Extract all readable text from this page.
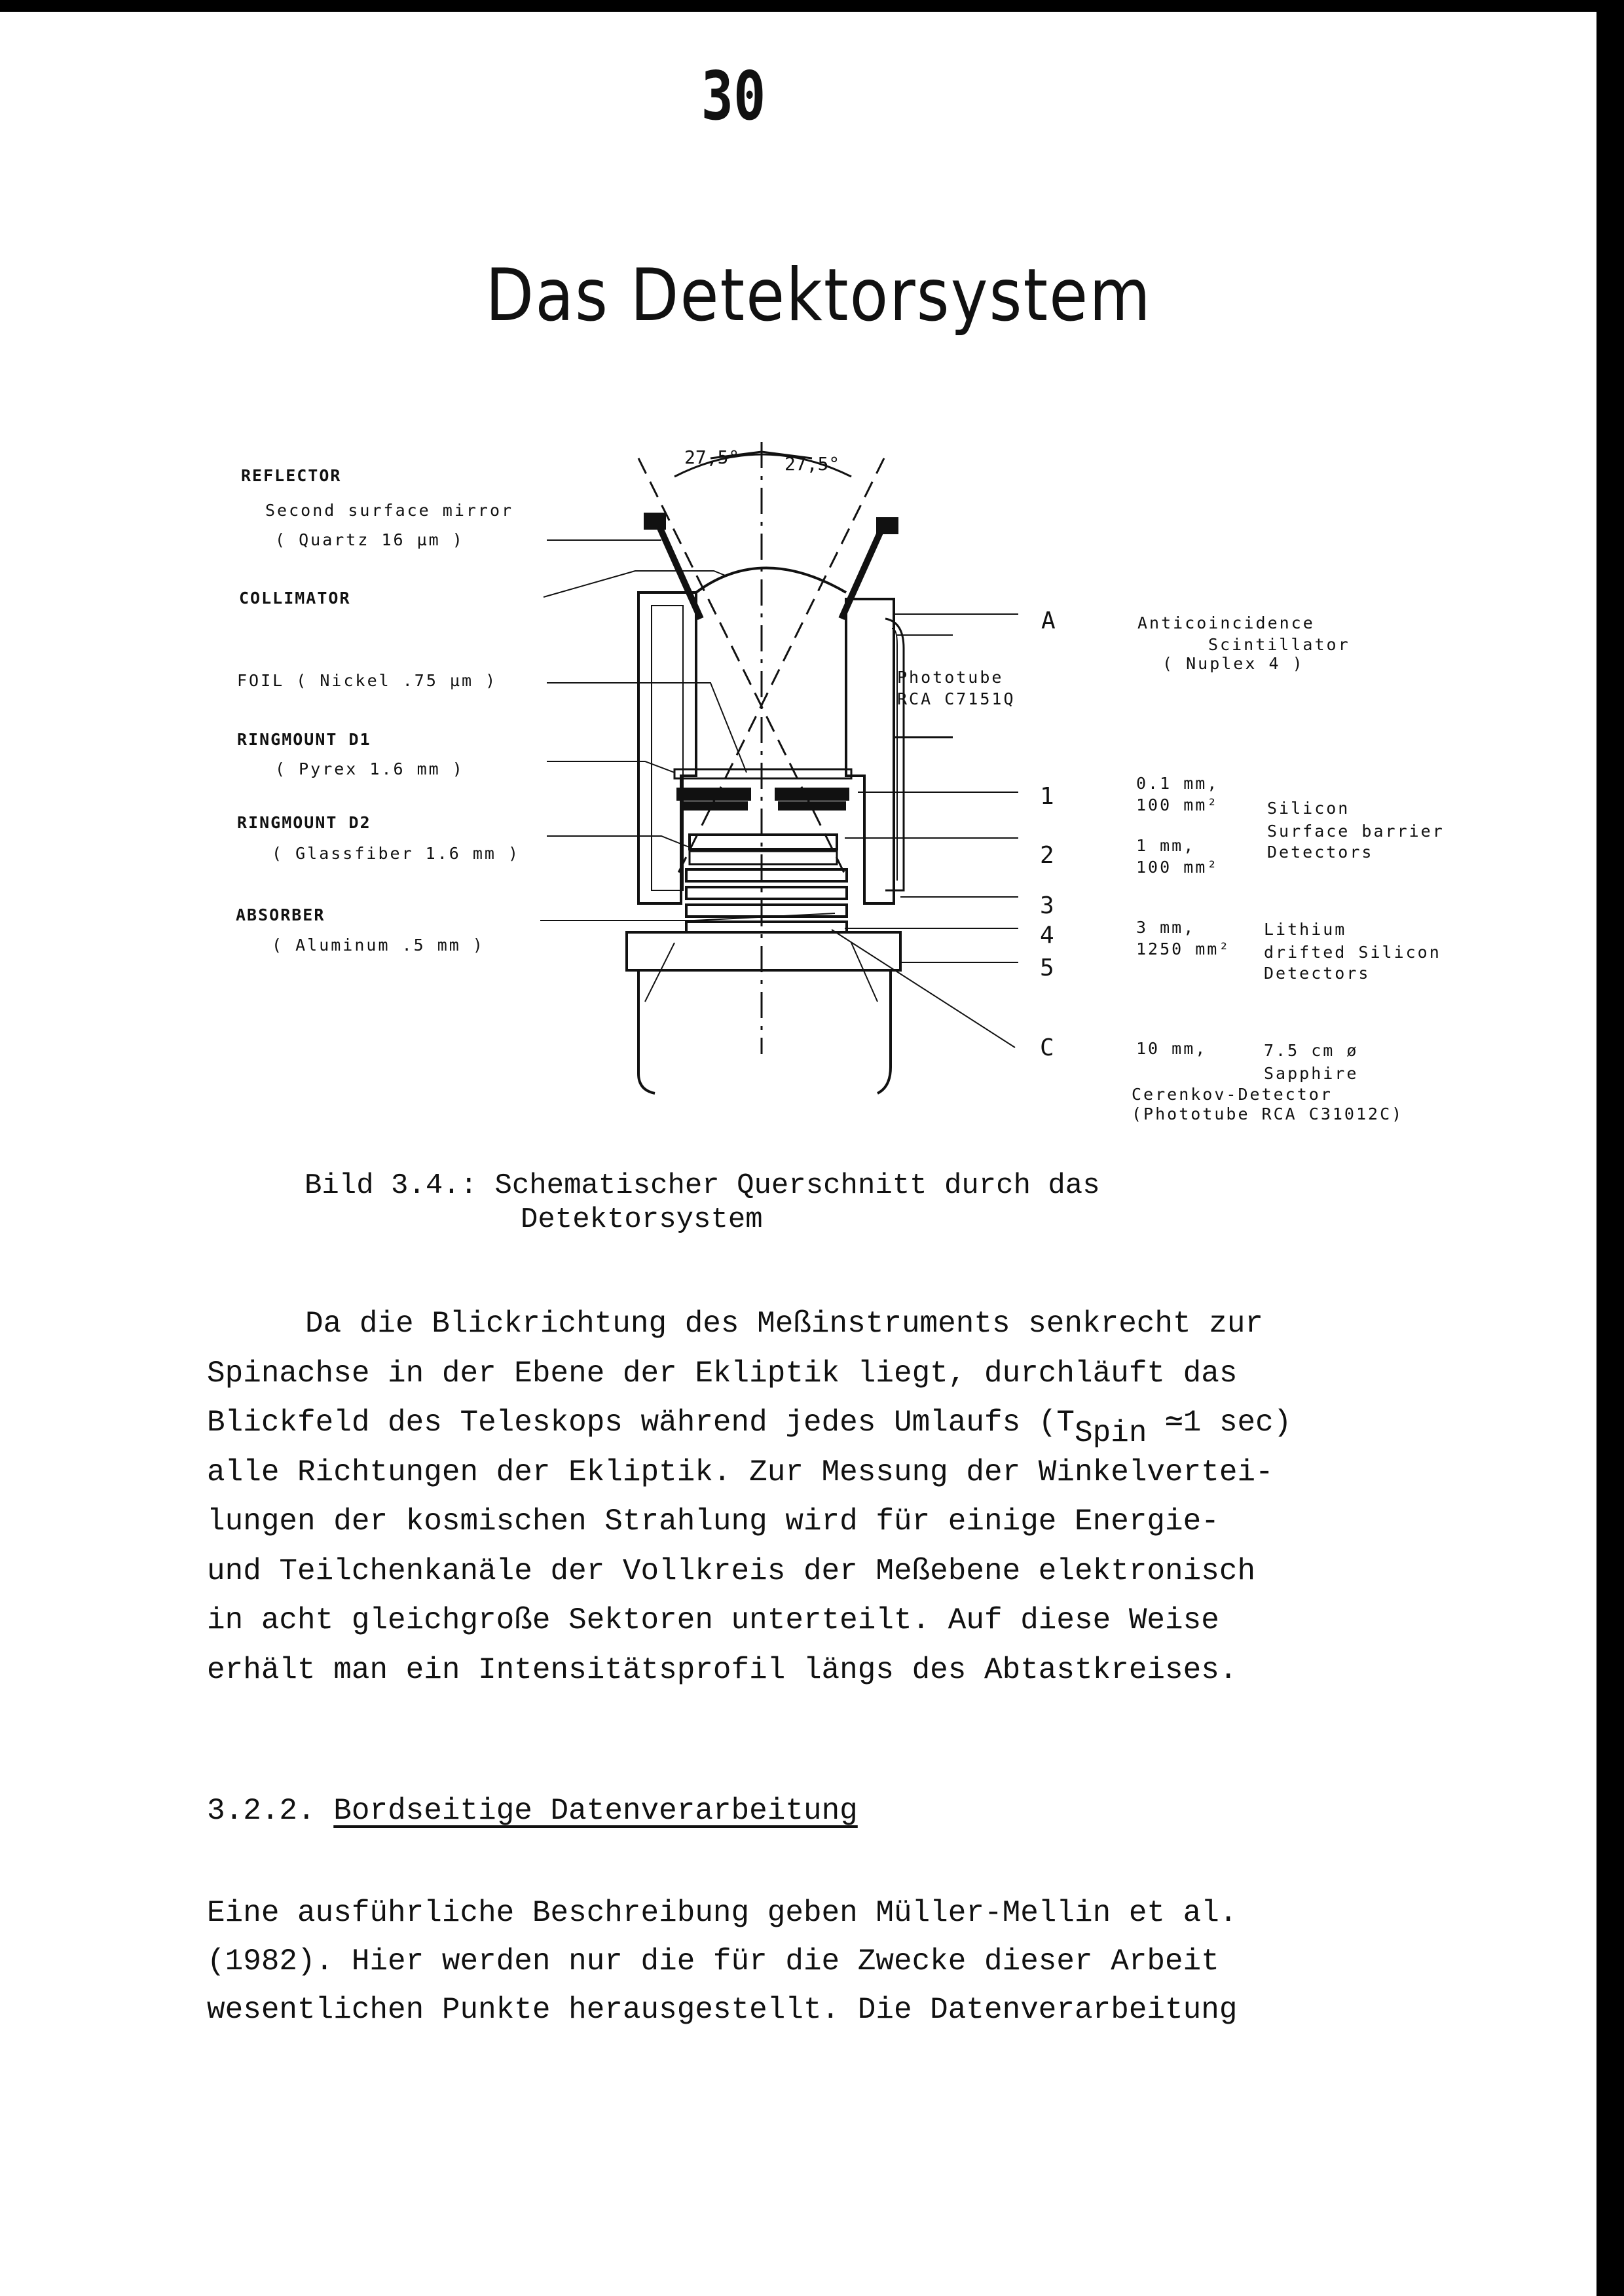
30
Das Detektorsystem
27,5° 27,5°
REFLECTOR
Second surface mirror
( Quartz 16 µm )
COLLIMATOR
FOIL ( Nickel .75 µm )
RINGMOUNT D1
( Pyrex 1.6 mm )
RINGMOUNT D2
( Glassfiber 1.6 mm )
ABSORBER
( Aluminum .5 mm )
Phototube
RCA C7151Q
A
1
2
3
4
5
C
Anticoincidence
Scintillator
( Nuplex 4 )
0.1 mm,
100 mm²	Silicon
Surface barrier
Detectors
1 mm,
100 mm²
3 mm,
1250 mm²
Lithium
drifted Silicon
Detectors
10 mm,	7.5 cm ø
Sapphire
Cerenkov-Detector
(Phototube RCA C31012C)
Bild 3.4.: Schematischer Querschnitt durch das
Detektorsystem
Da die Blickrichtung des Meßinstruments senkrecht zur
Spinachse in der Ebene der Ekliptik liegt, durchläuft das
Blickfeld des Teleskops während jedes Umlaufs (TSpin ≃1 sec)
alle Richtungen der Ekliptik. Zur Messung der Winkelvertei-
lungen der kosmischen Strahlung wird für einige Energie-
und Teilchenkanäle der Vollkreis der Meßebene elektronisch
in acht gleichgroße Sektoren unterteilt. Auf diese Weise
erhält man ein Intensitätsprofil längs des Abtastkreises.
3.2.2. Bordseitige Datenverarbeitung
Eine ausführliche Beschreibung geben Müller-Mellin et al.
(1982). Hier werden nur die für die Zwecke dieser Arbeit
wesentlichen Punkte herausgestellt. Die Datenverarbeitung
